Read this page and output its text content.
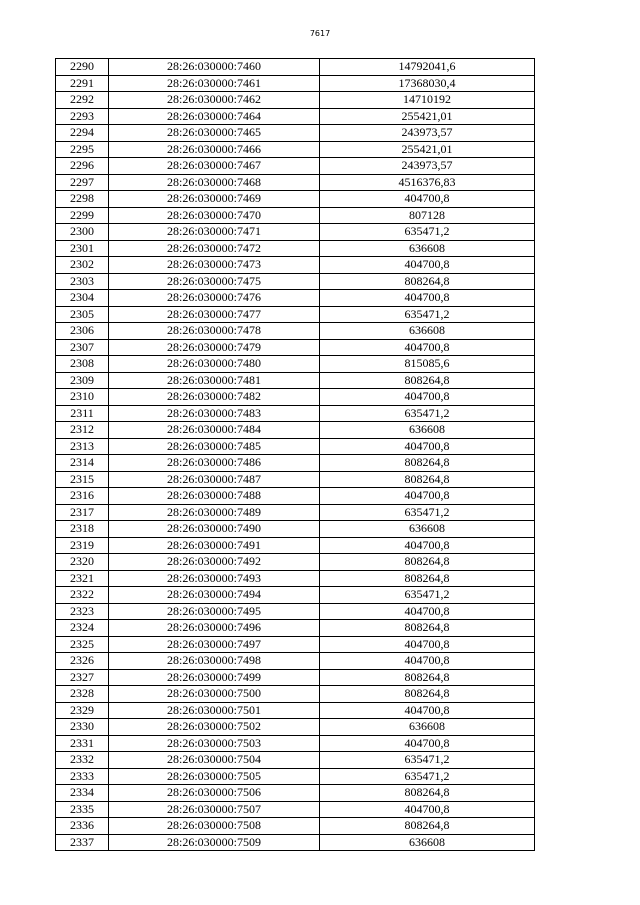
7617
2290	28:26:030000:7460	14792041,6
2291	28:26:030000:7461	17368030,4
2292	28:26:030000:7462	14710192
2293	28:26:030000:7464	255421,01
2294	28:26:030000:7465	243973,57
2295	28:26:030000:7466	255421,01
2296	28:26:030000:7467	243973,57
2297	28:26:030000:7468	4516376,83
2298	28:26:030000:7469	404700,8
2299	28:26:030000:7470	807128
2300	28:26:030000:7471	635471,2
2301	28:26:030000:7472	636608
2302	28:26:030000:7473	404700,8
2303	28:26:030000:7475	808264,8
2304	28:26:030000:7476	404700,8
2305	28:26:030000:7477	635471,2
2306	28:26:030000:7478	636608
2307	28:26:030000:7479	404700,8
2308	28:26:030000:7480	815085,6
2309	28:26:030000:7481	808264,8
2310	28:26:030000:7482	404700,8
2311	28:26:030000:7483	635471,2
2312	28:26:030000:7484	636608
2313	28:26:030000:7485	404700,8
2314	28:26:030000:7486	808264,8
2315	28:26:030000:7487	808264,8
2316	28:26:030000:7488	404700,8
2317	28:26:030000:7489	635471,2
2318	28:26:030000:7490	636608
2319	28:26:030000:7491	404700,8
2320	28:26:030000:7492	808264,8
2321	28:26:030000:7493	808264,8
2322	28:26:030000:7494	635471,2
2323	28:26:030000:7495	404700,8
2324	28:26:030000:7496	808264,8
2325	28:26:030000:7497	404700,8
2326	28:26:030000:7498	404700,8
2327	28:26:030000:7499	808264,8
2328	28:26:030000:7500	808264,8
2329	28:26:030000:7501	404700,8
2330	28:26:030000:7502	636608
2331	28:26:030000:7503	404700,8
2332	28:26:030000:7504	635471,2
2333	28:26:030000:7505	635471,2
2334	28:26:030000:7506	808264,8
2335	28:26:030000:7507	404700,8
2336	28:26:030000:7508	808264,8
2337	28:26:030000:7509	636608
